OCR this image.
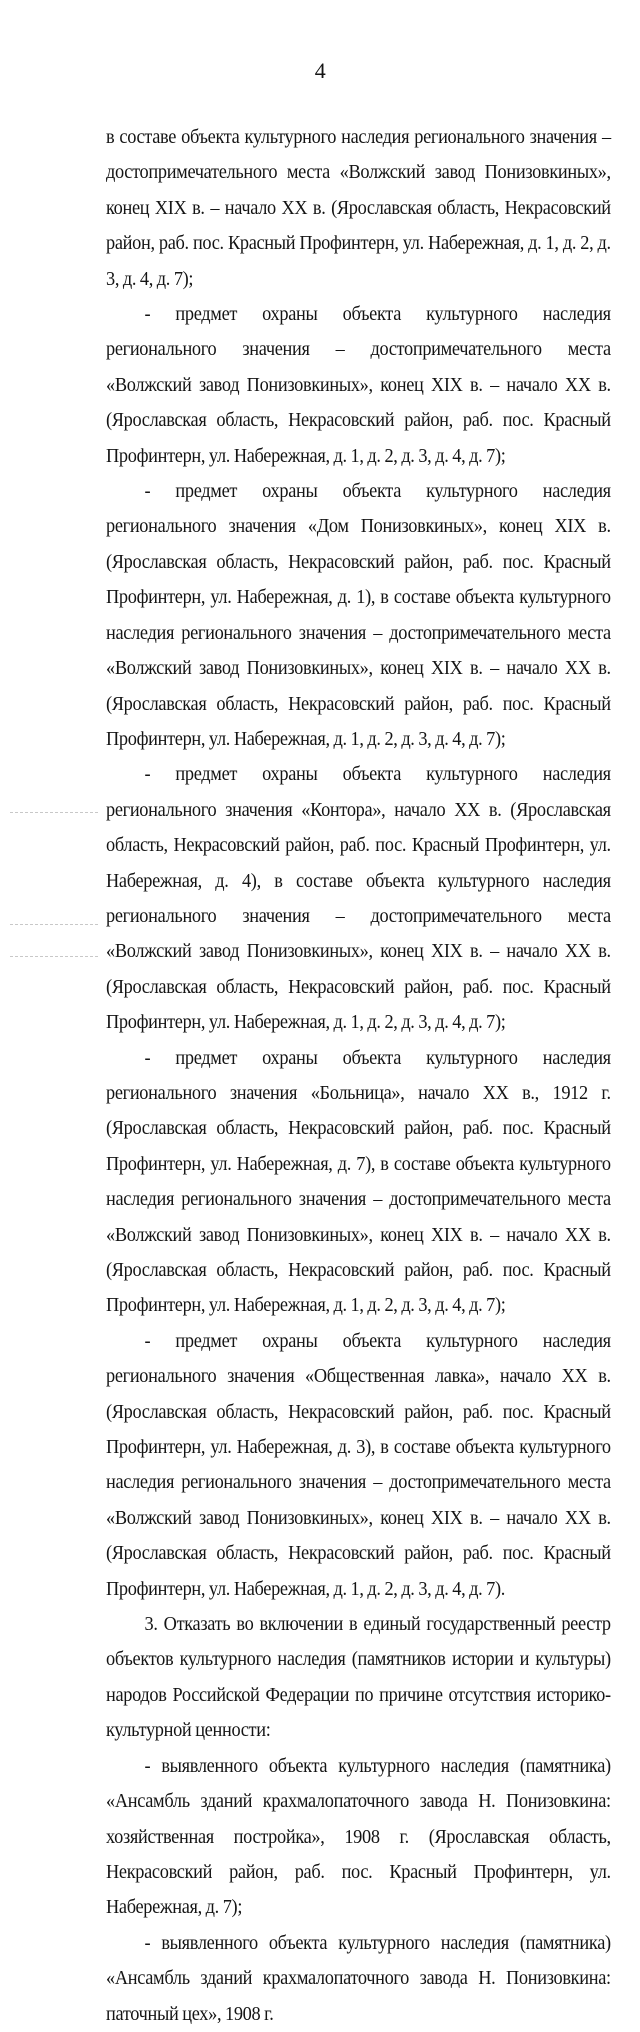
4

в составе объекта культурного наследия регионального значения – достопримечательного места «Волжский завод Понизовкиных», конец XIX в. – начало XX в. (Ярославская область, Некрасовский район, раб. пос. Красный Профинтерн, ул. Набережная, д. 1, д. 2, д. 3, д. 4, д. 7);

- предмет охраны объекта культурного наследия регионального значения – достопримечательного места «Волжский завод Понизовкиных», конец XIX в. – начало XX в. (Ярославская область, Некрасовский район, раб. пос. Красный Профинтерн, ул. Набережная, д. 1, д. 2, д. 3, д. 4, д. 7);

- предмет охраны объекта культурного наследия регионального значения «Дом Понизовкиных», конец XIX в. (Ярославская область, Некрасовский район, раб. пос. Красный Профинтерн, ул. Набережная, д. 1), в составе объекта культурного наследия регионального значения – достопримечательного места «Волжский завод Понизовкиных», конец XIX в. – начало XX в. (Ярославская область, Некрасовский район, раб. пос. Красный Профинтерн, ул. Набережная, д. 1, д. 2, д. 3, д. 4, д. 7);

- предмет охраны объекта культурного наследия регионального значения «Контора», начало XX в. (Ярославская область, Некрасовский район, раб. пос. Красный Профинтерн, ул. Набережная, д. 4), в составе объекта культурного наследия регионального значения – достопримечательного места «Волжский завод Понизовкиных», конец XIX в. – начало XX в. (Ярославская область, Некрасовский район, раб. пос. Красный Профинтерн, ул. Набережная, д. 1, д. 2, д. 3, д. 4, д. 7);

- предмет охраны объекта культурного наследия регионального значения «Больница», начало XX в., 1912 г. (Ярославская область, Некрасовский район, раб. пос. Красный Профинтерн, ул. Набережная, д. 7), в составе объекта культурного наследия регионального значения – достопримечательного места «Волжский завод Понизовкиных», конец XIX в. – начало XX в. (Ярославская область, Некрасовский район, раб. пос. Красный Профинтерн, ул. Набережная, д. 1, д. 2, д. 3, д. 4, д. 7);

- предмет охраны объекта культурного наследия регионального значения «Общественная лавка», начало XX в. (Ярославская область, Некрасовский район, раб. пос. Красный Профинтерн, ул. Набережная, д. 3), в составе объекта культурного наследия регионального значения – достопримечательного места «Волжский завод Понизовкиных», конец XIX в. – начало XX в. (Ярославская область, Некрасовский район, раб. пос. Красный Профинтерн, ул. Набережная, д. 1, д. 2, д. 3, д. 4, д. 7).

3. Отказать во включении в единый государственный реестр объектов культурного наследия (памятников истории и культуры) народов Российской Федерации по причине отсутствия историко-культурной ценности:

- выявленного объекта культурного наследия (памятника) «Ансамбль зданий крахмалопаточного завода Н. Понизовкина: хозяйственная постройка», 1908 г. (Ярославская область, Некрасовский район, раб. пос. Красный Профинтерн, ул. Набережная, д. 7);

- выявленного объекта культурного наследия (памятника) «Ансамбль зданий крахмалопаточного завода Н. Понизовкина: паточный цех», 1908 г.
